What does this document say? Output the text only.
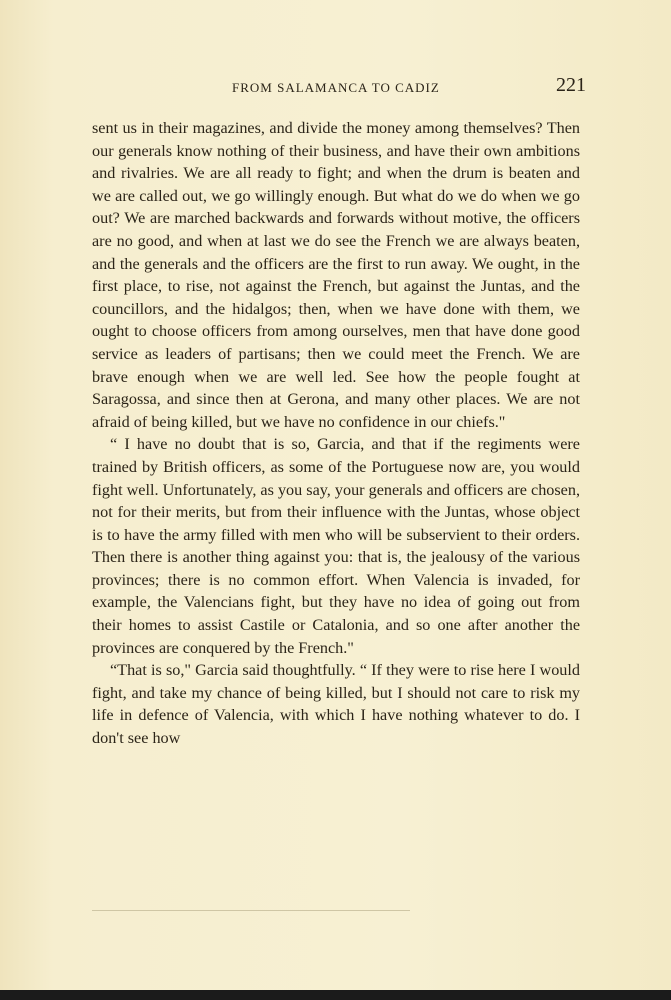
FROM SALAMANCA TO CADIZ	221

sent us in their magazines, and divide the money among themselves? Then our generals know nothing of their business, and have their own ambitions and rivalries. We are all ready to fight; and when the drum is beaten and we are called out, we go willingly enough. But what do we do when we go out? We are marched backwards and forwards without motive, the officers are no good, and when at last we do see the French we are always beaten, and the generals and the officers are the first to run away. We ought, in the first place, to rise, not against the French, but against the Juntas, and the councillors, and the hidalgos; then, when we have done with them, we ought to choose officers from among ourselves, men that have done good service as leaders of partisans; then we could meet the French. We are brave enough when we are well led. See how the people fought at Saragossa, and since then at Gerona, and many other places. We are not afraid of being killed, but we have no confidence in our chiefs."

“ I have no doubt that is so, Garcia, and that if the regiments were trained by British officers, as some of the Portuguese now are, you would fight well. Unfortunately, as you say, your generals and officers are chosen, not for their merits, but from their influence with the Juntas, whose object is to have the army filled with men who will be subservient to their orders. Then there is another thing against you: that is, the jealousy of the various provinces; there is no common effort. When Valencia is invaded, for example, the Valencians fight, but they have no idea of going out from their homes to assist Castile or Catalonia, and so one after another the provinces are conquered by the French."

“That is so," Garcia said thoughtfully. “ If they were to rise here I would fight, and take my chance of being killed, but I should not care to risk my life in defence of Valencia, with which I have nothing whatever to do. I don't see how
